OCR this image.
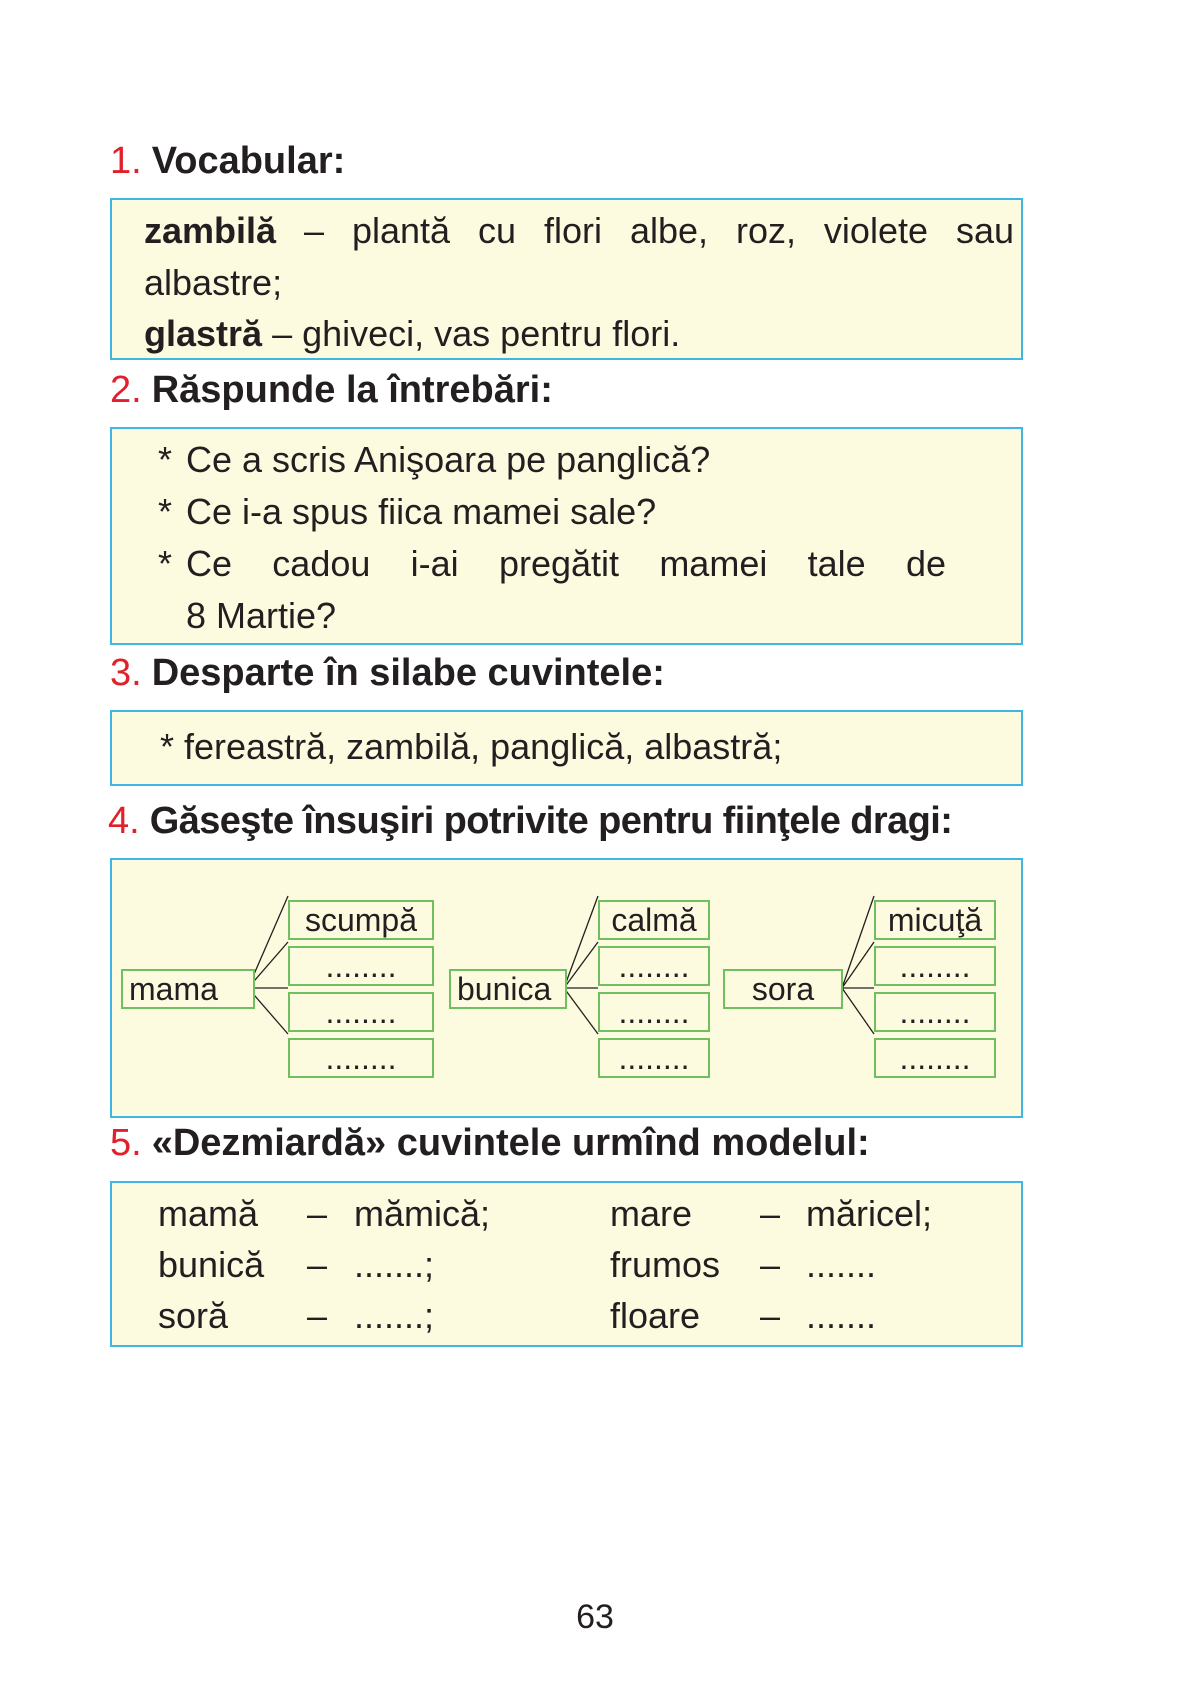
1. Vocabular:
zambilă – plantă cu flori albe, roz, violete sau
albastre;
glastră – ghiveci, vas pentru flori.
2. Răspunde la întrebări:
* Ce a scris Anişoara pe panglică?
* Ce i-a spus fiica mamei sale?
* Ce cadou i-ai pregătit mamei tale de
8 Martie?
3. Desparte în silabe cuvintele:
* fereastră, zambilă, panglică, albastră;
4. Găseşte însuşiri potrivite pentru fiinţele dragi:
mama
scumpă
........
........
........
bunica
calmă
........
........
........
sora
micuţă
........
........
........
5. «Dezmiardă» cuvintele urmînd modelul:
mamă – mămică;	mare – măricel;
bunică – .......;	frumos – .......
soră – .......;	floare – .......
63
